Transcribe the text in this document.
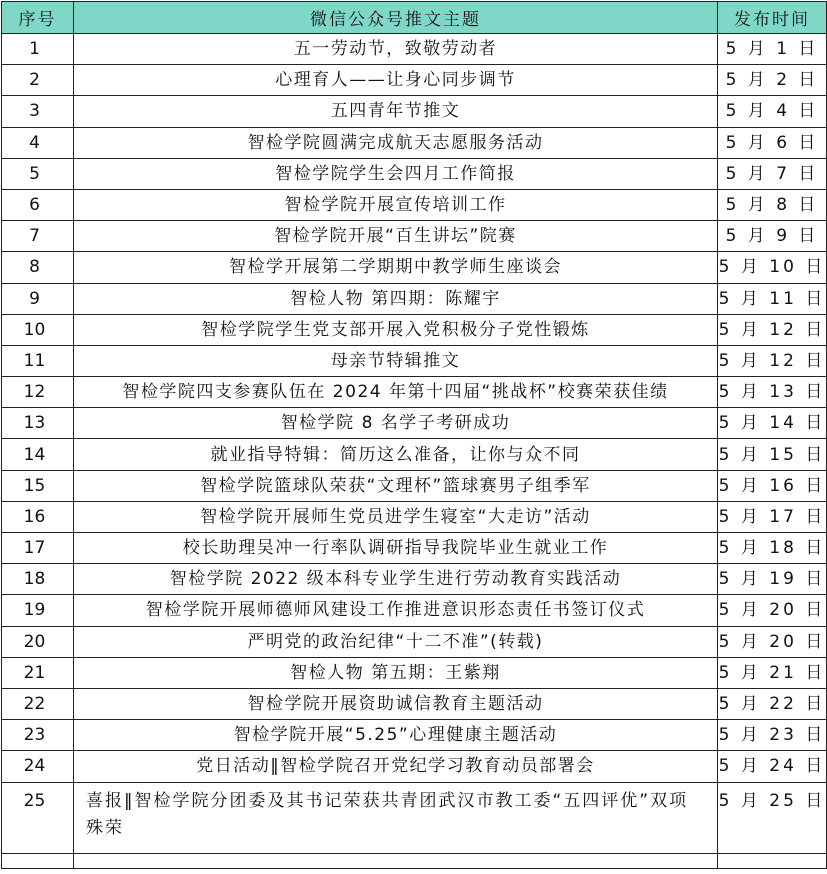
序号	微信公众号推文主题	发布时间
1	五一劳动节，致敬劳动者	5 月 1 日
2	心理育人——让身心同步调节	5 月 2 日
3	五四青年节推文	5 月 4 日
4	智检学院圆满完成航天志愿服务活动	5 月 6 日
5	智检学院学生会四月工作简报	5 月 7 日
6	智检学院开展宣传培训工作	5 月 8 日
7	智检学院开展“百生讲坛”院赛	5 月 9 日
8	智检学开展第二学期期中教学师生座谈会	5 月 10 日
9	智检人物 第四期：陈耀宇	5 月 11 日
10	智检学院学生党支部开展入党积极分子党性锻炼	5 月 12 日
11	母亲节特辑推文	5 月 12 日
12	智检学院四支参赛队伍在 2024 年第十四届“挑战杯”校赛荣获佳绩	5 月 13 日
13	智检学院 8 名学子考研成功	5 月 14 日
14	就业指导特辑：简历这么准备，让你与众不同	5 月 15 日
15	智检学院篮球队荣获“文理杯”篮球赛男子组季军	5 月 16 日
16	智检学院开展师生党员进学生寝室“大走访”活动	5 月 17 日
17	校长助理吴冲一行率队调研指导我院毕业生就业工作	5 月 18 日
18	智检学院 2022 级本科专业学生进行劳动教育实践活动	5 月 19 日
19	智检学院开展师德师风建设工作推进意识形态责任书签订仪式	5 月 20 日
20	严明党的政治纪律“十二不准”(转载)	5 月 20 日
21	智检人物 第五期：王紫翔	5 月 21 日
22	智检学院开展资助诚信教育主题活动	5 月 22 日
23	智检学院开展“5.25”心理健康主题活动	5 月 23 日
24	党日活动‖智检学院召开党纪学习教育动员部署会	5 月 24 日
25	喜报‖智检学院分团委及其书记荣获共青团武汉市教工委“五四评优”双项殊荣	5 月 25 日
